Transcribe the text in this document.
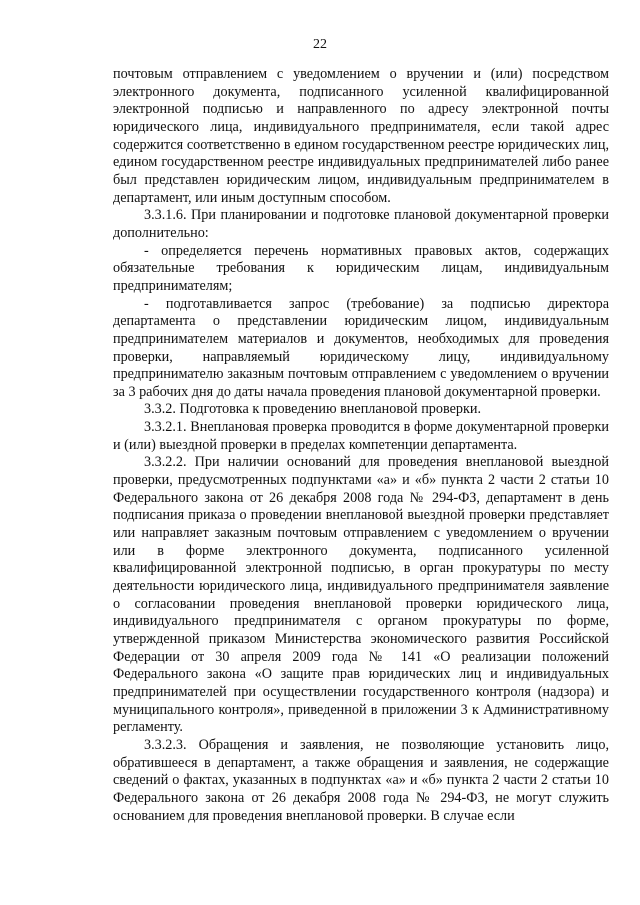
22

почтовым отправлением с уведомлением о вручении и (или) посредством электронного документа, подписанного усиленной квалифицированной электронной подписью и направленного по адресу электронной почты юридического лица, индивидуального предпринимателя, если такой адрес содержится соответственно в едином государственном реестре юридических лиц, едином государственном реестре индивидуальных предпринимателей либо ранее был представлен юридическим лицом, индивидуальным предпринимателем в департамент, или иным доступным способом.

3.3.1.6. При планировании и подготовке плановой документарной проверки дополнительно:

- определяется перечень нормативных правовых актов, содержащих обязательные требования к юридическим лицам, индивидуальным предпринимателям;

- подготавливается запрос (требование) за подписью директора департамента о представлении юридическим лицом, индивидуальным предпринимателем материалов и документов, необходимых для проведения проверки, направляемый юридическому лицу, индивидуальному предпринимателю заказным почтовым отправлением с уведомлением о вручении за 3 рабочих дня до даты начала проведения плановой документарной проверки.

3.3.2. Подготовка к проведению внеплановой проверки.

3.3.2.1. Внеплановая проверка проводится в форме документарной проверки и (или) выездной проверки в пределах компетенции департамента.

3.3.2.2. При наличии оснований для проведения внеплановой выездной проверки, предусмотренных подпунктами «а» и «б» пункта 2 части 2 статьи 10 Федерального закона от 26 декабря 2008 года № 294-ФЗ, департамент в день подписания приказа о проведении внеплановой выездной проверки представляет или направляет заказным почтовым отправлением с уведомлением о вручении или в форме электронного документа, подписанного усиленной квалифицированной электронной подписью, в орган прокуратуры по месту деятельности юридического лица, индивидуального предпринимателя заявление о согласовании проведения внеплановой проверки юридического лица, индивидуального предпринимателя с органом прокуратуры по форме, утвержденной приказом Министерства экономического развития Российской Федерации от 30 апреля 2009 года № 141 «О реализации положений Федерального закона «О защите прав юридических лиц и индивидуальных предпринимателей при осуществлении государственного контроля (надзора) и муниципального контроля», приведенной в приложении 3 к Административному регламенту.

3.3.2.3. Обращения и заявления, не позволяющие установить лицо, обратившееся в департамент, а также обращения и заявления, не содержащие сведений о фактах, указанных в подпунктах «а» и «б» пункта 2 части 2 статьи 10 Федерального закона от 26 декабря 2008 года № 294-ФЗ, не могут служить основанием для проведения внеплановой проверки. В случае если
